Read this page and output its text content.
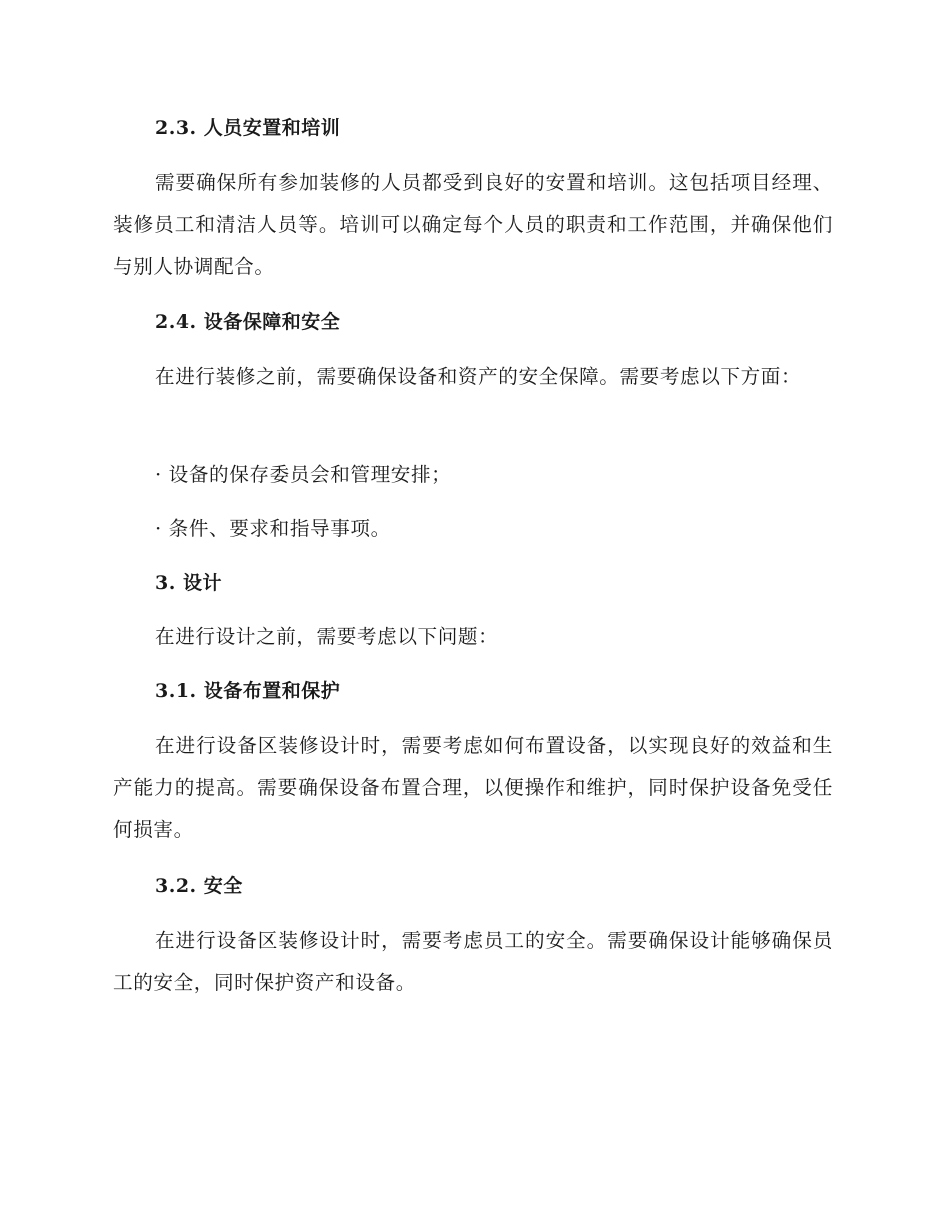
2.3. 人员安置和培训
需要确保所有参加装修的人员都受到良好的安置和培训。这包括项目经理、装修员工和清洁人员等。培训可以确定每个人员的职责和工作范围，并确保他们与别人协调配合。
2.4. 设备保障和安全
在进行装修之前，需要确保设备和资产的安全保障。需要考虑以下方面：
· 设备的保存委员会和管理安排；
· 条件、要求和指导事项。
3. 设计
在进行设计之前，需要考虑以下问题：
3.1. 设备布置和保护
在进行设备区装修设计时，需要考虑如何布置设备，以实现良好的效益和生产能力的提高。需要确保设备布置合理，以便操作和维护，同时保护设备免受任何损害。
3.2. 安全
在进行设备区装修设计时，需要考虑员工的安全。需要确保设计能够确保员工的安全，同时保护资产和设备。
